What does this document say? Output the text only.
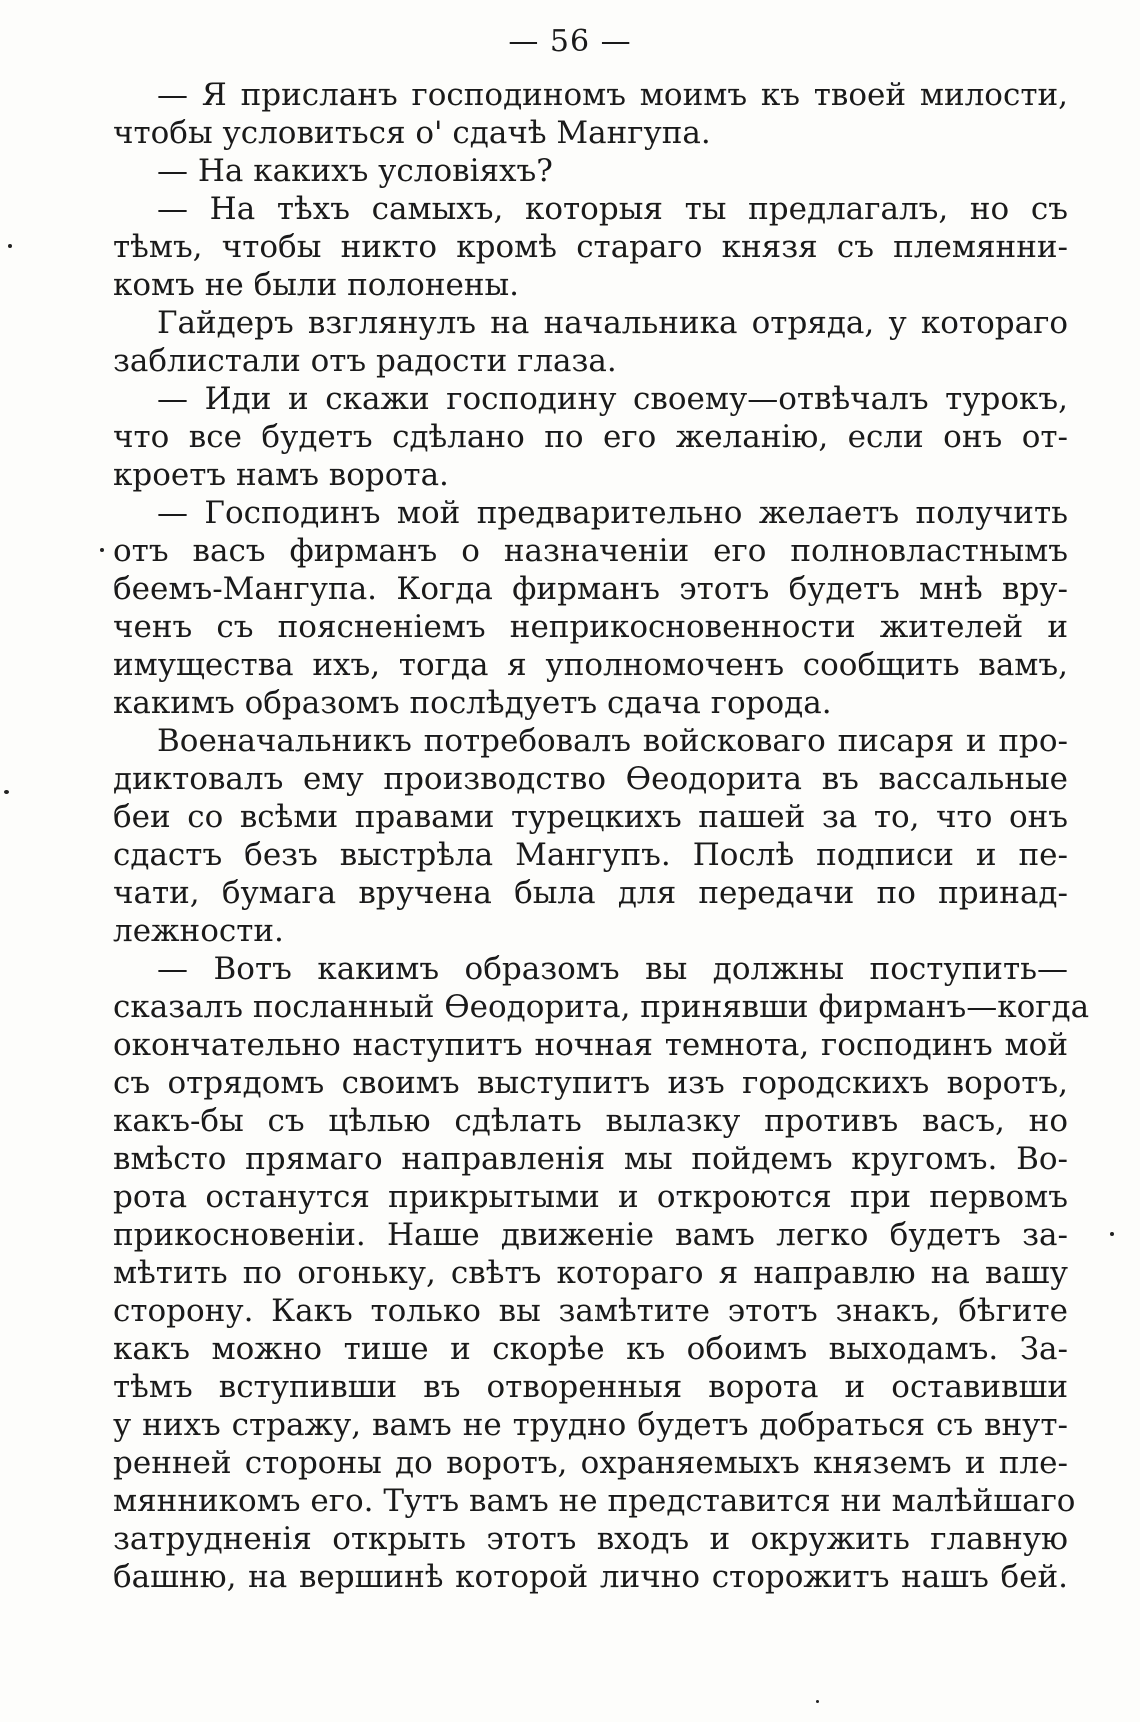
— 56 —
— Я присланъ господиномъ моимъ къ твоей милости,
чтобы условиться о' сдачѣ Мангупа.
— На какихъ условіяхъ?
— На тѣхъ самыхъ, которыя ты предлагалъ, но съ
тѣмъ, чтобы никто кромѣ стараго князя съ племянни-
комъ не были полонены.
Гайдеръ взглянулъ на начальника отряда, у котораго
заблистали отъ радости глаза.
— Иди и скажи господину своему—отвѣчалъ турокъ,
что все будетъ сдѣлано по его желанію, если онъ от-
кроетъ намъ ворота.
— Господинъ мой предварительно желаетъ получить
отъ васъ фирманъ о назначеніи его полновластнымъ
беемъ-Мангупа. Когда фирманъ этотъ будетъ мнѣ вру-
ченъ съ поясненіемъ неприкосновенности жителей и
имущества ихъ, тогда я уполномоченъ сообщить вамъ,
какимъ образомъ послѣдуетъ сдача города.
Военачальникъ потребовалъ войсковаго писаря и про-
диктовалъ ему производство Ѳеодорита въ вассальные
беи со всѣми правами турецкихъ пашей за то, что онъ
сдастъ безъ выстрѣла Мангупъ. Послѣ подписи и пе-
чати, бумага вручена была для передачи по принад-
лежности.
— Вотъ какимъ образомъ вы должны поступить—
сказалъ посланный Ѳеодорита, принявши фирманъ—когда
окончательно наступитъ ночная темнота, господинъ мой
съ отрядомъ своимъ выступитъ изъ городскихъ воротъ,
какъ-бы съ цѣлью сдѣлать вылазку противъ васъ, но
вмѣсто прямаго направленія мы пойдемъ кругомъ. Во-
рота останутся прикрытыми и откроются при первомъ
прикосновеніи. Наше движеніе вамъ легко будетъ за-
мѣтить по огоньку, свѣтъ котораго я направлю на вашу
сторону. Какъ только вы замѣтите этотъ знакъ, бѣгите
какъ можно тише и скорѣе къ обоимъ выходамъ. За-
тѣмъ вступивши въ отворенныя ворота и оставивши
у нихъ стражу, вамъ не трудно будетъ добраться съ внут-
ренней стороны до воротъ, охраняемыхъ княземъ и пле-
мянникомъ его. Тутъ вамъ не представится ни малѣйшаго
затрудненія открыть этотъ входъ и окружить главную
башню, на вершинѣ которой лично сторожитъ нашъ бей.
